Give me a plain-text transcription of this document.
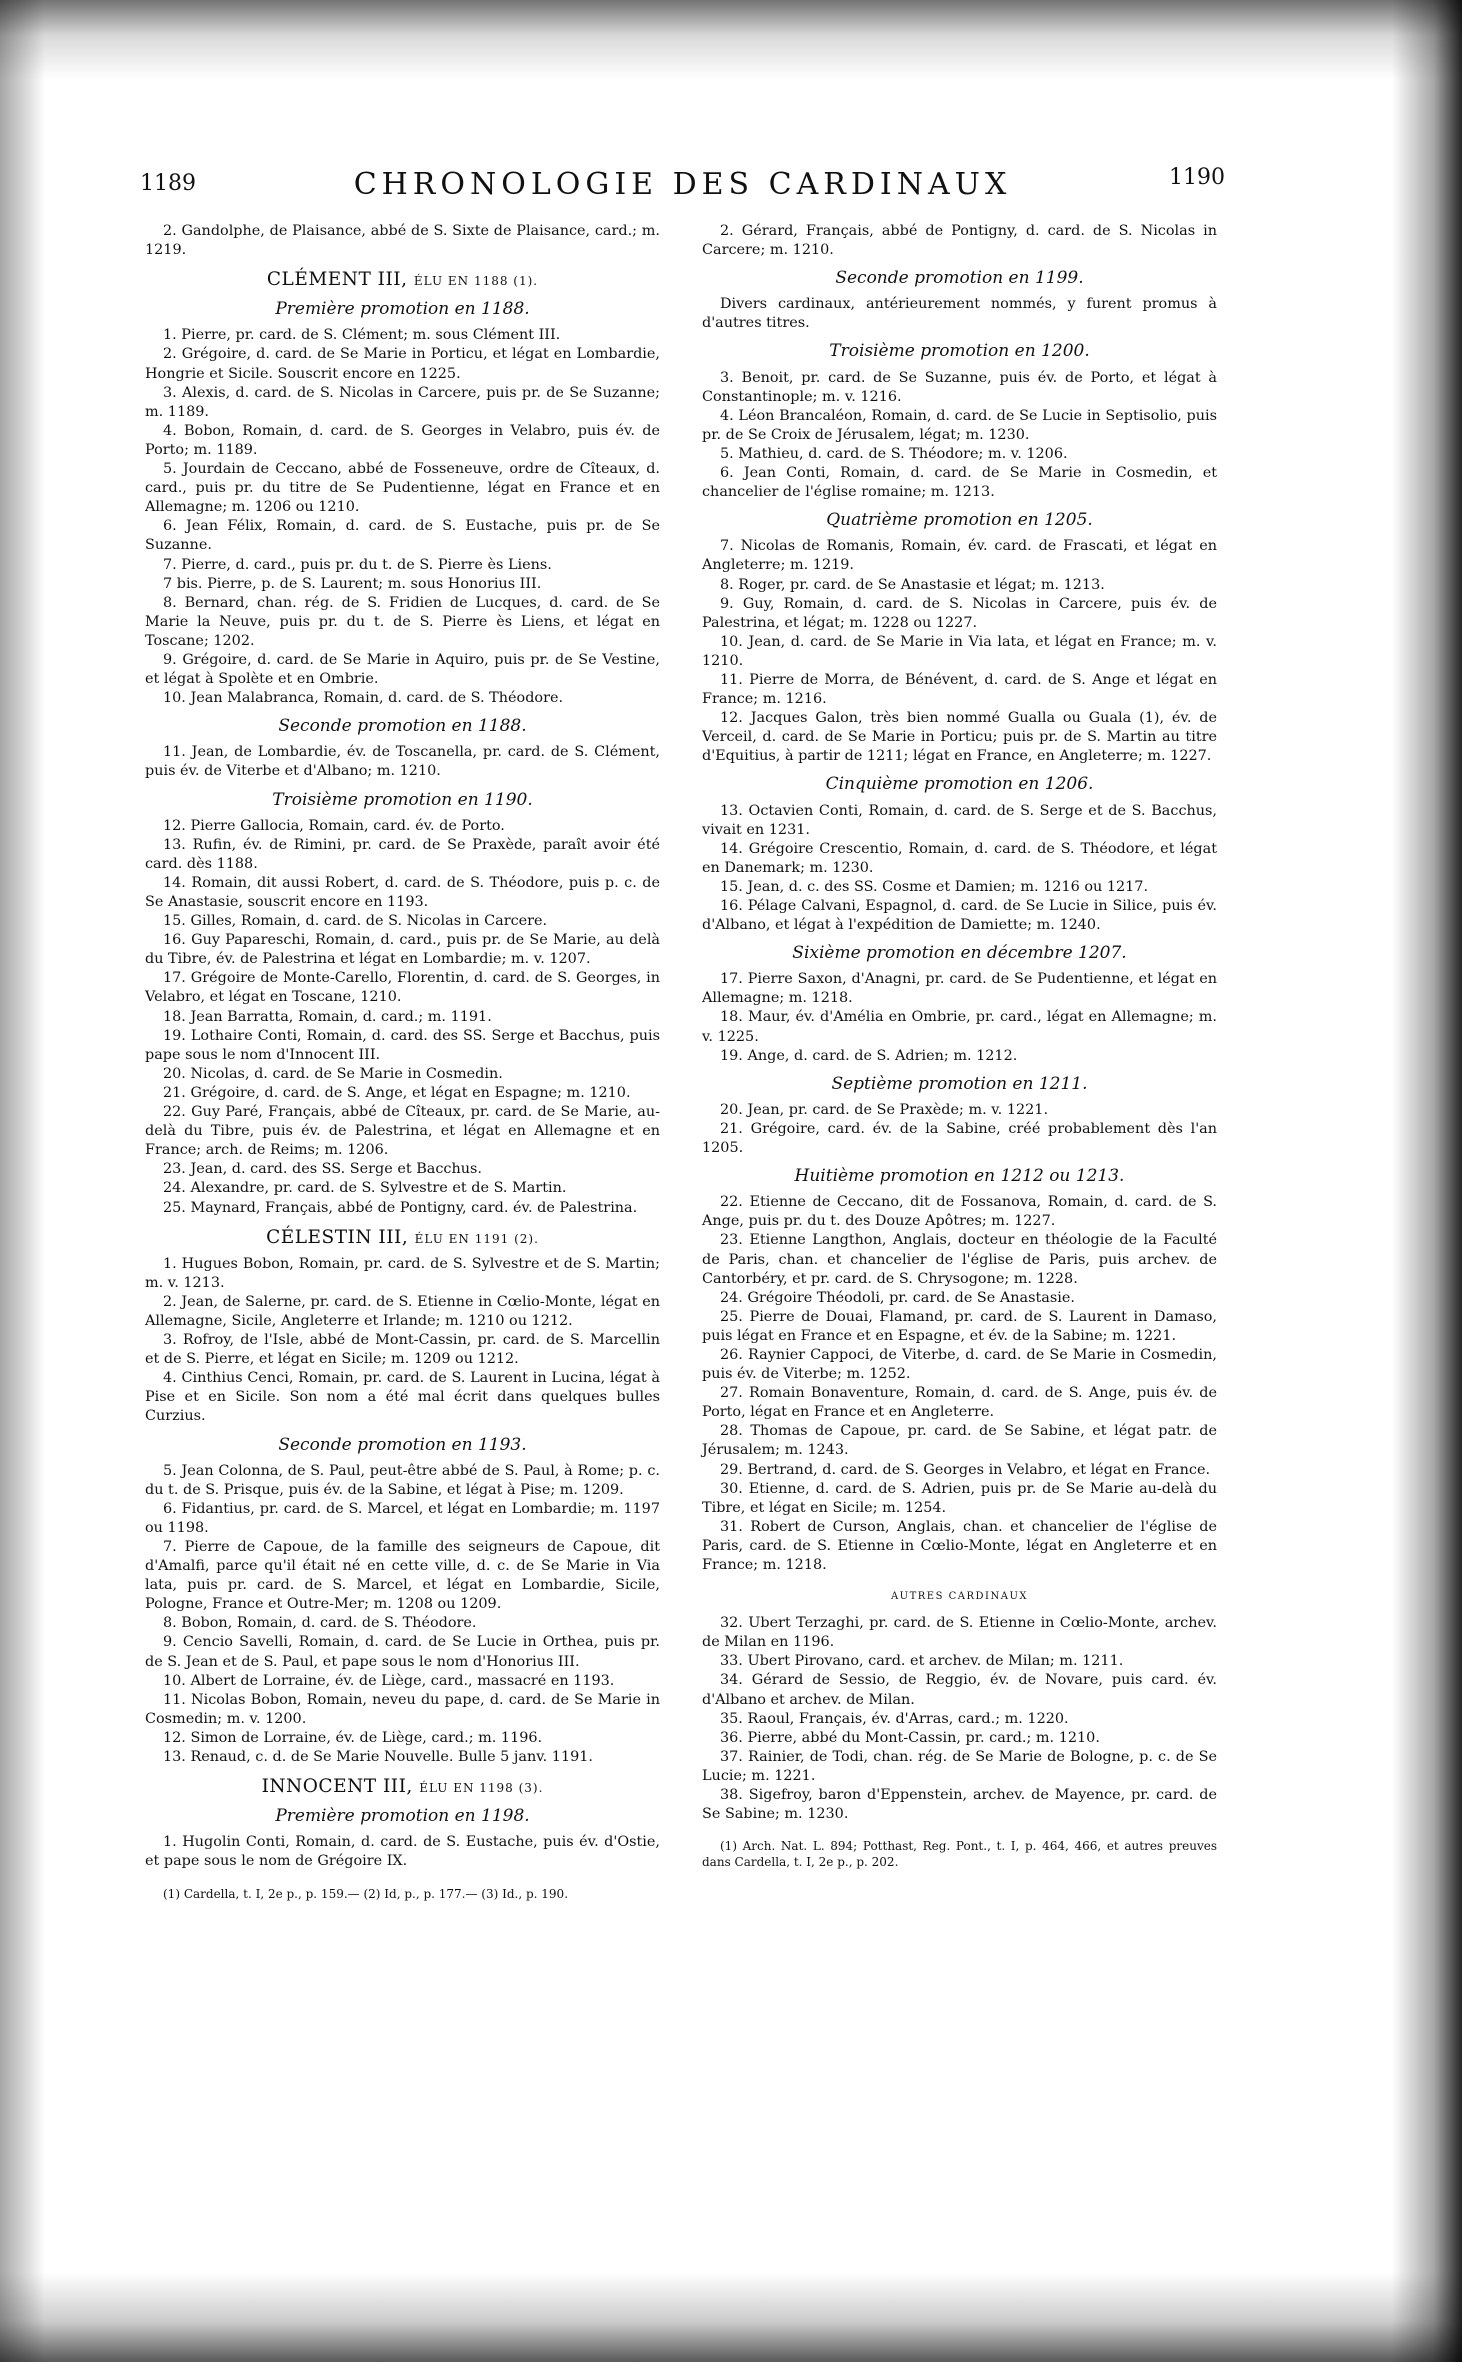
1189	CHRONOLOGIE DES CARDINAUX	1190

2. Gandolphe, de Plaisance, abbé de S. Sixte de Plaisance, card.; m. 1219.

CLÉMENT III, ÉLU EN 1188 (1).
Première promotion en 1188.

1. Pierre, pr. card. de S. Clément; m. sous Clément III.

2. Grégoire, d. card. de Se Marie in Porticu, et légat en Lombardie, Hongrie et Sicile. Souscrit encore en 1225.

3. Alexis, d. card. de S. Nicolas in Carcere, puis pr. de Se Suzanne; m. 1189.

4. Bobon, Romain, d. card. de S. Georges in Velabro, puis év. de Porto; m. 1189.

5. Jourdain de Ceccano, abbé de Fosseneuve, ordre de Cîteaux, d. card., puis pr. du titre de Se Pudentienne, légat en France et en Allemagne; m. 1206 ou 1210.

6. Jean Félix, Romain, d. card. de S. Eustache, puis pr. de Se Suzanne.

7. Pierre, d. card., puis pr. du t. de S. Pierre ès Liens.

7 bis. Pierre, p. de S. Laurent; m. sous Honorius III.

8. Bernard, chan. rég. de S. Fridien de Lucques, d. card. de Se Marie la Neuve, puis pr. du t. de S. Pierre ès Liens, et légat en Toscane; 1202.

9. Grégoire, d. card. de Se Marie in Aquiro, puis pr. de Se Vestine, et légat à Spolète et en Ombrie.

10. Jean Malabranca, Romain, d. card. de S. Théodore.

Seconde promotion en 1188.

11. Jean, de Lombardie, év. de Toscanella, pr. card. de S. Clément, puis év. de Viterbe et d'Albano; m. 1210.

Troisième promotion en 1190.

12. Pierre Gallocia, Romain, card. év. de Porto.

13. Rufin, év. de Rimini, pr. card. de Se Praxède, paraît avoir été card. dès 1188.

14. Romain, dit aussi Robert, d. card. de S. Théodore, puis p. c. de Se Anastasie, souscrit encore en 1193.

15. Gilles, Romain, d. card. de S. Nicolas in Carcere.

16. Guy Papareschi, Romain, d. card., puis pr. de Se Marie, au delà du Tibre, év. de Palestrina et légat en Lombardie; m. v. 1207.

17. Grégoire de Monte-Carello, Florentin, d. card. de S. Georges, in Velabro, et légat en Toscane, 1210.

18. Jean Barratta, Romain, d. card.; m. 1191.

19. Lothaire Conti, Romain, d. card. des SS. Serge et Bacchus, puis pape sous le nom d'Innocent III.

20. Nicolas, d. card. de Se Marie in Cosmedin.

21. Grégoire, d. card. de S. Ange, et légat en Espagne; m. 1210.

22. Guy Paré, Français, abbé de Cîteaux, pr. card. de Se Marie, au-delà du Tibre, puis év. de Palestrina, et légat en Allemagne et en France; arch. de Reims; m. 1206.

23. Jean, d. card. des SS. Serge et Bacchus.

24. Alexandre, pr. card. de S. Sylvestre et de S. Martin.

25. Maynard, Français, abbé de Pontigny, card. év. de Palestrina.

CÉLESTIN III, ÉLU EN 1191 (2).

1. Hugues Bobon, Romain, pr. card. de S. Sylvestre et de S. Martin; m. v. 1213.

2. Jean, de Salerne, pr. card. de S. Etienne in Cœlio-Monte, légat en Allemagne, Sicile, Angleterre et Irlande; m. 1210 ou 1212.

3. Rofroy, de l'Isle, abbé de Mont-Cassin, pr. card. de S. Marcellin et de S. Pierre, et légat en Sicile; m. 1209 ou 1212.

4. Cinthius Cenci, Romain, pr. card. de S. Laurent in Lucina, légat à Pise et en Sicile. Son nom a été mal écrit dans quelques bulles Curzius.

Seconde promotion en 1193.

5. Jean Colonna, de S. Paul, peut-être abbé de S. Paul, à Rome; p. c. du t. de S. Prisque, puis év. de la Sabine, et légat à Pise; m. 1209.

6. Fidantius, pr. card. de S. Marcel, et légat en Lombardie; m. 1197 ou 1198.

7. Pierre de Capoue, de la famille des seigneurs de Capoue, dit d'Amalfi, parce qu'il était né en cette ville, d. c. de Se Marie in Via lata, puis pr. card. de S. Marcel, et légat en Lombardie, Sicile, Pologne, France et Outre-Mer; m. 1208 ou 1209.

8. Bobon, Romain, d. card. de S. Théodore.

9. Cencio Savelli, Romain, d. card. de Se Lucie in Orthea, puis pr. de S. Jean et de S. Paul, et pape sous le nom d'Honorius III.

10. Albert de Lorraine, év. de Liège, card., massacré en 1193.

11. Nicolas Bobon, Romain, neveu du pape, d. card. de Se Marie in Cosmedin; m. v. 1200.

12. Simon de Lorraine, év. de Liège, card.; m. 1196.

13. Renaud, c. d. de Se Marie Nouvelle. Bulle 5 janv. 1191.

INNOCENT III, ÉLU EN 1198 (3).
Première promotion en 1198.

1. Hugolin Conti, Romain, d. card. de S. Eustache, puis év. d'Ostie, et pape sous le nom de Grégoire IX.

(1) Cardella, t. I, 2e p., p. 159.— (2) Id, p., p. 177.— (3) Id., p. 190.

2. Gérard, Français, abbé de Pontigny, d. card. de S. Nicolas in Carcere; m. 1210.

Seconde promotion en 1199.

Divers cardinaux, antérieurement nommés, y furent promus à d'autres titres.

Troisième promotion en 1200.

3. Benoit, pr. card. de Se Suzanne, puis év. de Porto, et légat à Constantinople; m. v. 1216.

4. Léon Brancaléon, Romain, d. card. de Se Lucie in Septisolio, puis pr. de Se Croix de Jérusalem, légat; m. 1230.

5. Mathieu, d. card. de S. Théodore; m. v. 1206.

6. Jean Conti, Romain, d. card. de Se Marie in Cosmedin, et chancelier de l'église romaine; m. 1213.

Quatrième promotion en 1205.

7. Nicolas de Romanis, Romain, év. card. de Frascati, et légat en Angleterre; m. 1219.

8. Roger, pr. card. de Se Anastasie et légat; m. 1213.

9. Guy, Romain, d. card. de S. Nicolas in Carcere, puis év. de Palestrina, et légat; m. 1228 ou 1227.

10. Jean, d. card. de Se Marie in Via lata, et légat en France; m. v. 1210.

11. Pierre de Morra, de Bénévent, d. card. de S. Ange et légat en France; m. 1216.

12. Jacques Galon, très bien nommé Gualla ou Guala (1), év. de Verceil, d. card. de Se Marie in Porticu; puis pr. de S. Martin au titre d'Equitius, à partir de 1211; légat en France, en Angleterre; m. 1227.

Cinquième promotion en 1206.

13. Octavien Conti, Romain, d. card. de S. Serge et de S. Bacchus, vivait en 1231.

14. Grégoire Crescentio, Romain, d. card. de S. Théodore, et légat en Danemark; m. 1230.

15. Jean, d. c. des SS. Cosme et Damien; m. 1216 ou 1217.

16. Pélage Calvani, Espagnol, d. card. de Se Lucie in Silice, puis év. d'Albano, et légat à l'expédition de Damiette; m. 1240.

Sixième promotion en décembre 1207.

17. Pierre Saxon, d'Anagni, pr. card. de Se Pudentienne, et légat en Allemagne; m. 1218.

18. Maur, év. d'Amélia en Ombrie, pr. card., légat en Allemagne; m. v. 1225.

19. Ange, d. card. de S. Adrien; m. 1212.

Septième promotion en 1211.

20. Jean, pr. card. de Se Praxède; m. v. 1221.

21. Grégoire, card. év. de la Sabine, créé probablement dès l'an 1205.

Huitième promotion en 1212 ou 1213.

22. Etienne de Ceccano, dit de Fossanova, Romain, d. card. de S. Ange, puis pr. du t. des Douze Apôtres; m. 1227.

23. Etienne Langthon, Anglais, docteur en théologie de la Faculté de Paris, chan. et chancelier de l'église de Paris, puis archev. de Cantorbéry, et pr. card. de S. Chrysogone; m. 1228.

24. Grégoire Théodoli, pr. card. de Se Anastasie.

25. Pierre de Douai, Flamand, pr. card. de S. Laurent in Damaso, puis légat en France et en Espagne, et év. de la Sabine; m. 1221.

26. Raynier Cappoci, de Viterbe, d. card. de Se Marie in Cosmedin, puis év. de Viterbe; m. 1252.

27. Romain Bonaventure, Romain, d. card. de S. Ange, puis év. de Porto, légat en France et en Angleterre.

28. Thomas de Capoue, pr. card. de Se Sabine, et légat patr. de Jérusalem; m. 1243.

29. Bertrand, d. card. de S. Georges in Velabro, et légat en France.

30. Etienne, d. card. de S. Adrien, puis pr. de Se Marie au-delà du Tibre, et légat en Sicile; m. 1254.

31. Robert de Curson, Anglais, chan. et chancelier de l'église de Paris, card. de S. Etienne in Cœlio-Monte, légat en Angleterre et en France; m. 1218.

AUTRES CARDINAUX

32. Ubert Terzaghi, pr. card. de S. Etienne in Cœlio-Monte, archev. de Milan en 1196.

33. Ubert Pirovano, card. et archev. de Milan; m. 1211.

34. Gérard de Sessio, de Reggio, év. de Novare, puis card. év. d'Albano et archev. de Milan.

35. Raoul, Français, év. d'Arras, card.; m. 1220.

36. Pierre, abbé du Mont-Cassin, pr. card.; m. 1210.

37. Rainier, de Todi, chan. rég. de Se Marie de Bologne, p. c. de Se Lucie; m. 1221.

38. Sigefroy, baron d'Eppenstein, archev. de Mayence, pr. card. de Se Sabine; m. 1230.

(1) Arch. Nat. L. 894; Potthast, Reg. Pont., t. I, p. 464, 466, et autres preuves dans Cardella, t. I, 2e p., p. 202.
